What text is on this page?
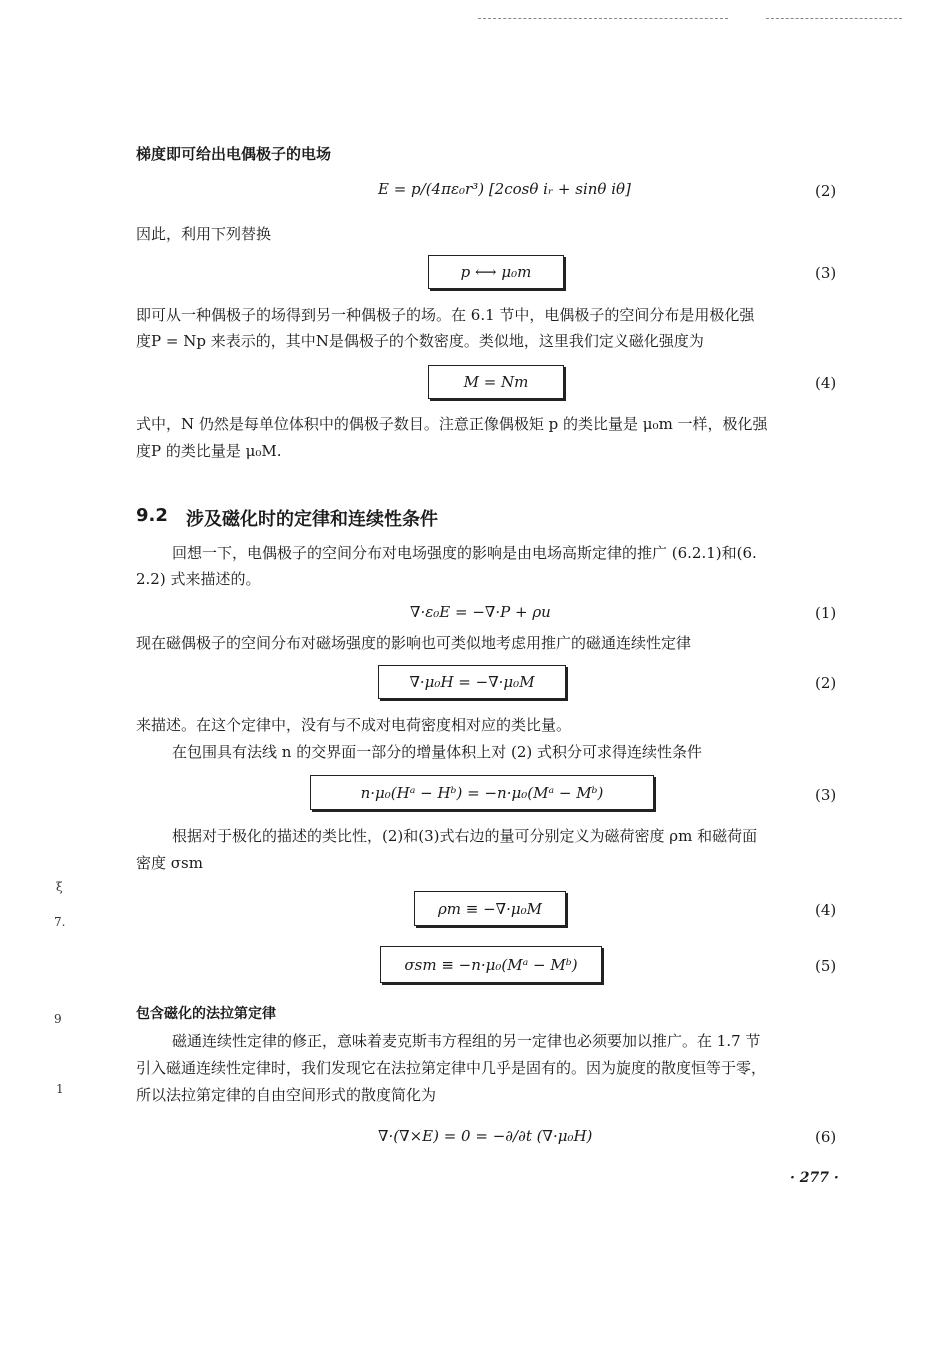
梯度即可给出电偶极子的电场
E = p/(4πε₀r³) [2cosθ iᵣ + sinθ iθ]	(2)
因此，利用下列替换
p ⟷ μ₀m	(3)
即可从一种偶极子的场得到另一种偶极子的场。在 6.1 节中，电偶极子的空间分布是用极化强
度P = Np 来表示的，其中N是偶极子的个数密度。类似地，这里我们定义磁化强度为
M = Nm	(4)
式中，N 仍然是每单位体积中的偶极子数目。注意正像偶极矩 p 的类比量是 μ₀m 一样，极化强
度P 的类比量是 μ₀M.
9.2 涉及磁化时的定律和连续性条件
回想一下，电偶极子的空间分布对电场强度的影响是由电场高斯定律的推广 (6.2.1)和(6.
2.2) 式来描述的。
∇·ε₀E = −∇·P + ρu	(1)
现在磁偶极子的空间分布对磁场强度的影响也可类似地考虑用推广的磁通连续性定律
∇·μ₀H = −∇·μ₀M	(2)
来描述。在这个定律中，没有与不成对电荷密度相对应的类比量。
在包围具有法线 n 的交界面一部分的增量体积上对 (2) 式积分可求得连续性条件
n·μ₀(Hᵃ − Hᵇ) = −n·μ₀(Mᵃ − Mᵇ)	(3)
根据对于极化的描述的类比性，(2)和(3)式右边的量可分别定义为磁荷密度 ρm 和磁荷面
密度 σsm
ρm ≡ −∇·μ₀M	(4)
σsm ≡ −n·μ₀(Mᵃ − Mᵇ)	(5)
包含磁化的法拉第定律
磁通连续性定律的修正，意味着麦克斯韦方程组的另一定律也必须要加以推广。在 1.7 节
引入磁通连续性定律时，我们发现它在法拉第定律中几乎是固有的。因为旋度的散度恒等于零，
所以法拉第定律的自由空间形式的散度简化为
∇·(∇×E) = 0 = −∂/∂t (∇·μ₀H)	(6)
· 277 ·
ξ
7.
9
1
